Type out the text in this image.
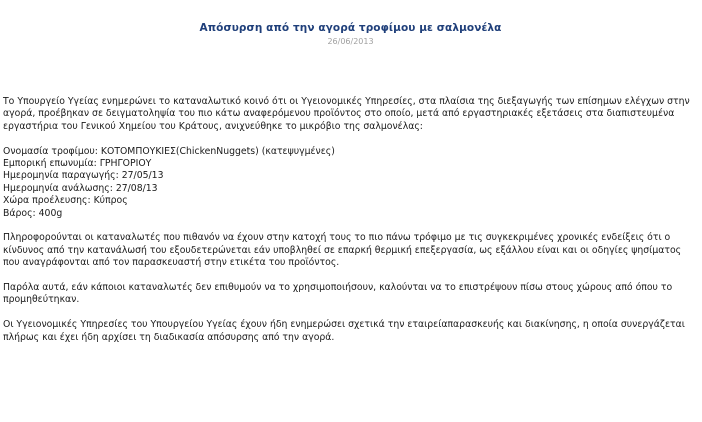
Απόσυρση από την αγορά τροφίμου με σαλμονέλα
26/06/2013

Το Υπουργείο Υγείας ενημερώνει το καταναλωτικό κοινό ότι οι Υγειονομικές Υπηρεσίες, στα πλαίσια της διεξαγωγής των επίσημων ελέγχων στην αγορά, προέβηκαν σε δειγματοληψία του πιο κάτω αναφερόμενου προϊόντος στο οποίο, μετά από εργαστηριακές εξετάσεις στα διαπιστευμένα εργαστήρια του Γενικού Χημείου του Κράτους, ανιχνεύθηκε το μικρόβιο της σαλμονέλας:

Ονομασία τροφίμου: ΚΟΤΟΜΠΟΥΚΙΕΣ(ChickenNuggets) (κατεψυγμένες)
Εμπορική επωνυμία: ΓΡΗΓΟΡΙΟΥ
Ημερομηνία παραγωγής: 27/05/13
Ημερομηνία ανάλωσης: 27/08/13
Χώρα προέλευσης: Κύπρος
Βάρος: 400g

Πληροφορούνται οι καταναλωτές που πιθανόν να έχουν στην κατοχή τους το πιο πάνω τρόφιμο με τις συγκεκριμένες χρονικές ενδείξεις ότι ο κίνδυνος από την κατανάλωσή του εξουδετερώνεται εάν υποβληθεί σε επαρκή θερμική επεξεργασία, ως εξάλλου είναι και οι οδηγίες ψησίματος που αναγράφονται από τον παρασκευαστή στην ετικέτα του προϊόντος.

Παρόλα αυτά, εάν κάποιοι καταναλωτές δεν επιθυμούν να το χρησιμοποιήσουν, καλούνται να το επιστρέψουν πίσω στους χώρους από όπου το προμηθεύτηκαν.

Οι Υγειονομικές Υπηρεσίες του Υπουργείου Υγείας έχουν ήδη ενημερώσει σχετικά την εταιρείαπαρασκευής και διακίνησης, η οποία συνεργάζεται πλήρως και έχει ήδη αρχίσει τη διαδικασία απόσυρσης από την αγορά.
